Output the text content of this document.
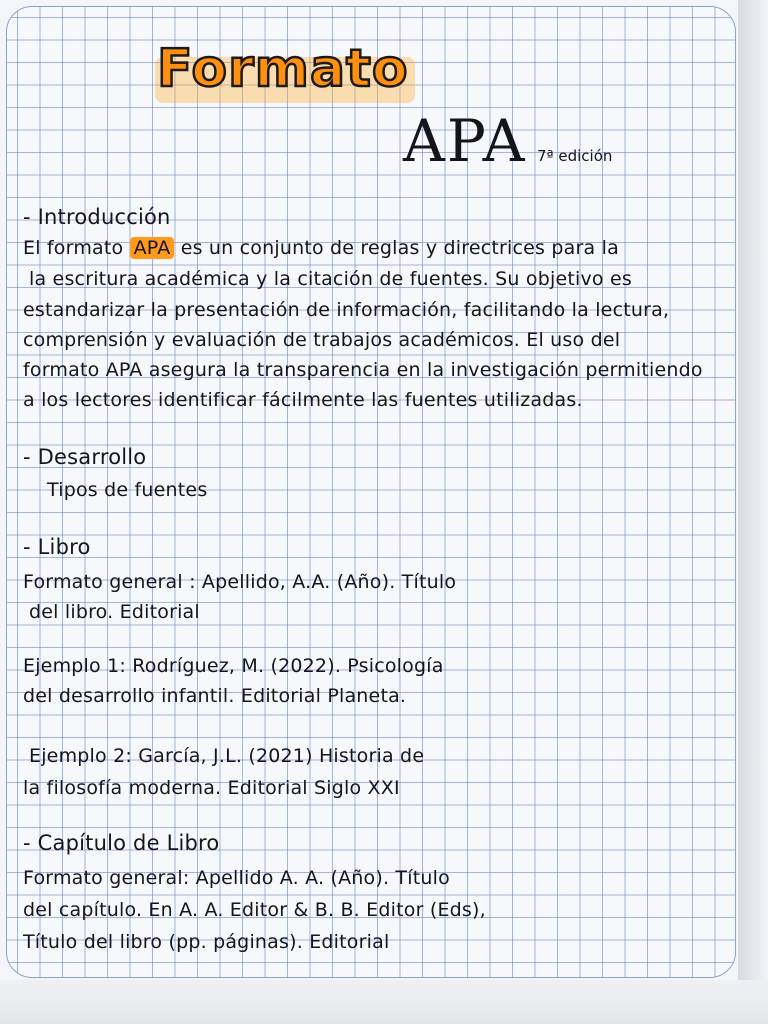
Formato
APA 7ª edición
- Introducción
El formato APA es un conjunto de reglas y directrices para la
la escritura académica y la citación de fuentes. Su objetivo es
estandarizar la presentación de información, facilitando la lectura,
comprensión y evaluación de trabajos académicos. El uso del
formato APA asegura la transparencia en la investigación permitiendo
a los lectores identificar fácilmente las fuentes utilizadas.
- Desarrollo
Tipos de fuentes
- Libro
Formato general : Apellido, A.A. (Año). Título
del libro. Editorial
Ejemplo 1: Rodríguez, M. (2022). Psicología
del desarrollo infantil. Editorial Planeta.
Ejemplo 2: García, J.L. (2021) Historia de
la filosofía moderna. Editorial Siglo XXI
- Capítulo de Libro
Formato general: Apellido A. A. (Año). Título
del capítulo. En A. A. Editor & B. B. Editor (Eds),
Título del libro (pp. páginas). Editorial
